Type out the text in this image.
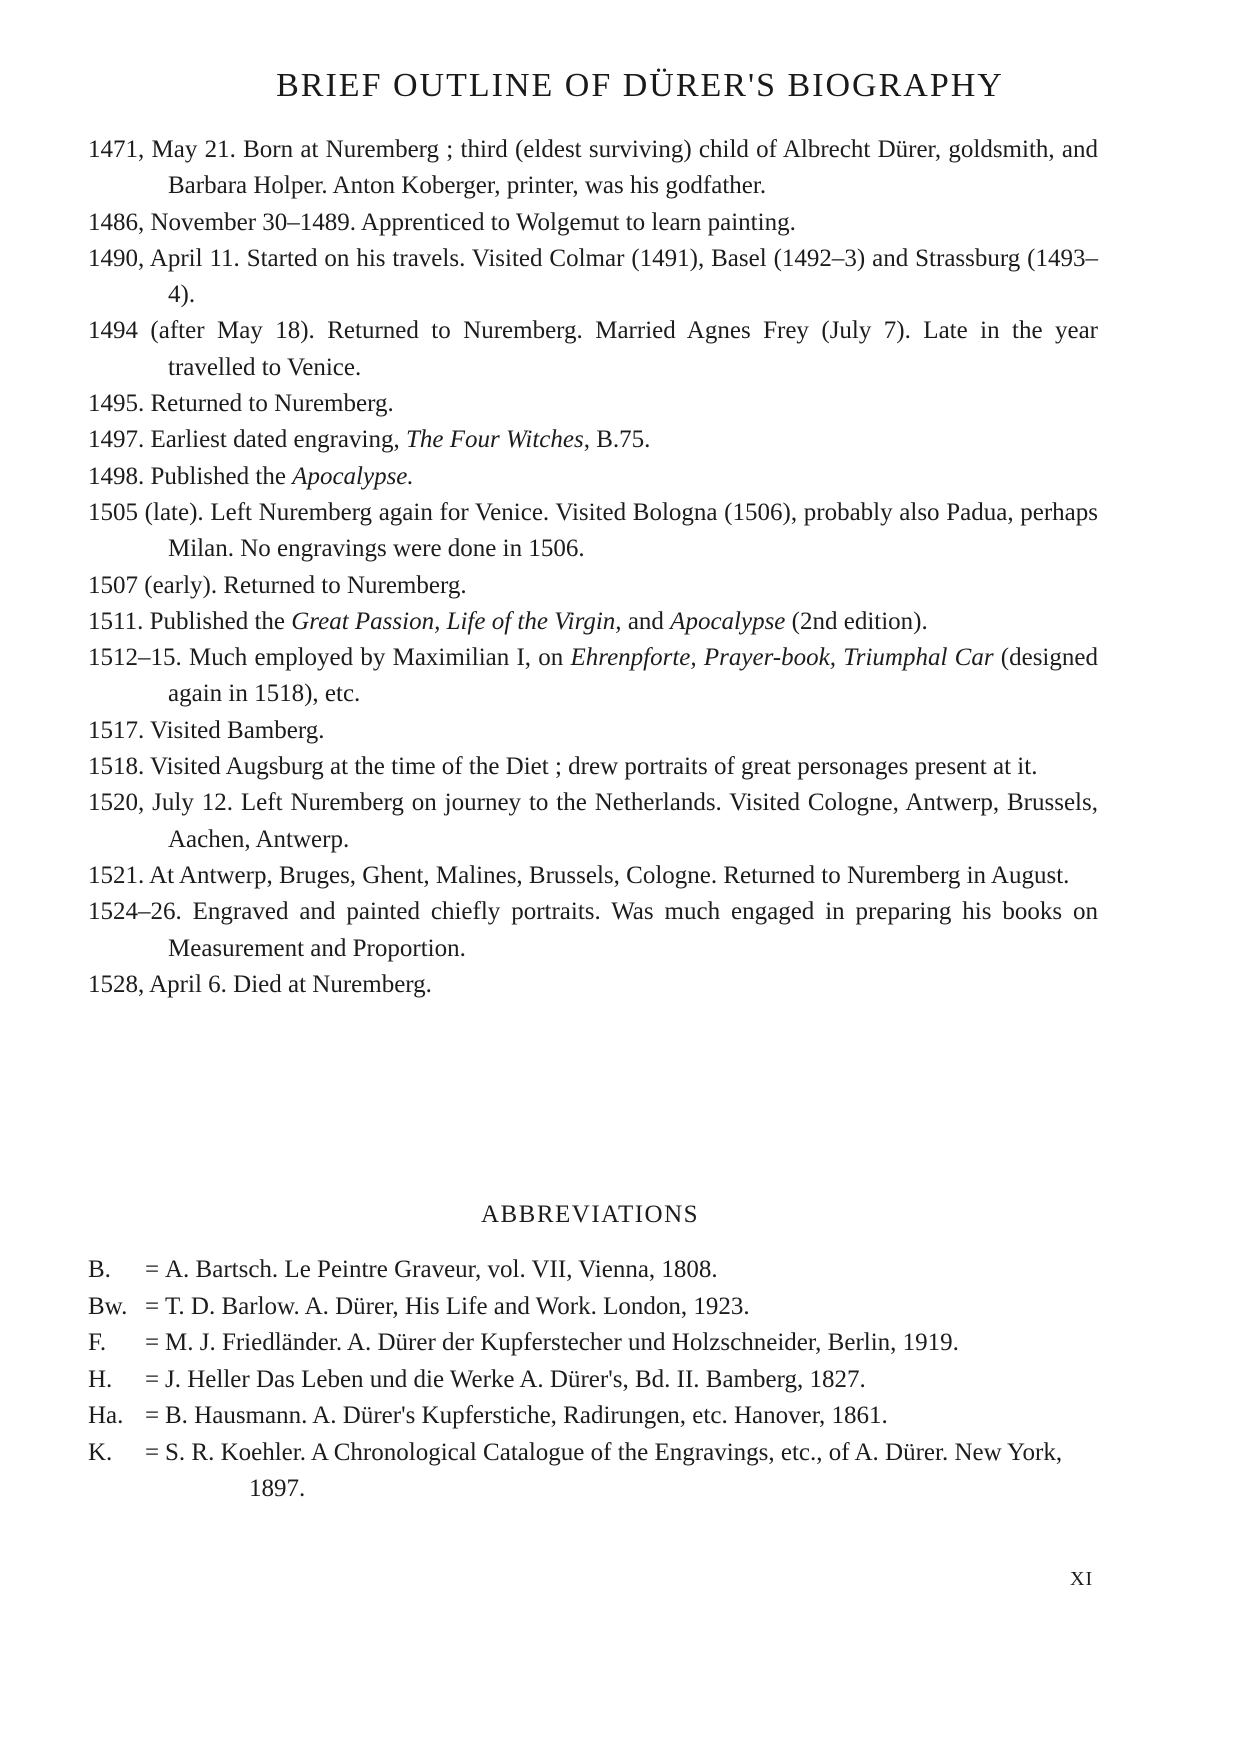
BRIEF OUTLINE OF DÜRER'S BIOGRAPHY

1471, May 21. Born at Nuremberg ; third (eldest surviving) child of Albrecht Dürer, goldsmith, and Barbara Holper. Anton Koberger, printer, was his godfather.

1486, November 30–1489. Apprenticed to Wolgemut to learn painting.

1490, April 11. Started on his travels. Visited Colmar (1491), Basel (1492–3) and Strassburg (1493–4).

1494 (after May 18). Returned to Nuremberg. Married Agnes Frey (July 7). Late in the year travelled to Venice.

1495. Returned to Nuremberg.

1497. Earliest dated engraving, The Four Witches, B.75.

1498. Published the Apocalypse.

1505 (late). Left Nuremberg again for Venice. Visited Bologna (1506), probably also Padua, perhaps Milan. No engravings were done in 1506.

1507 (early). Returned to Nuremberg.

1511. Published the Great Passion, Life of the Virgin, and Apocalypse (2nd edition).

1512–15. Much employed by Maximilian I, on Ehrenpforte, Prayer-book, Triumphal Car (designed again in 1518), etc.

1517. Visited Bamberg.

1518. Visited Augsburg at the time of the Diet ; drew portraits of great personages present at it.

1520, July 12. Left Nuremberg on journey to the Netherlands. Visited Cologne, Antwerp, Brussels, Aachen, Antwerp.

1521. At Antwerp, Bruges, Ghent, Malines, Brussels, Cologne. Returned to Nuremberg in August.

1524–26. Engraved and painted chiefly portraits. Was much engaged in preparing his books on Measurement and Proportion.

1528, April 6. Died at Nuremberg.

ABBREVIATIONS
B.	= A. Bartsch. Le Peintre Graveur, vol. VII, Vienna, 1808.
Bw. = T. D. Barlow. A. Dürer, His Life and Work. London, 1923.
F.	= M. J. Friedländer. A. Dürer der Kupferstecher und Holzschneider, Berlin, 1919.
H.	= J. Heller Das Leben und die Werke A. Dürer's, Bd. II. Bamberg, 1827.
Ha. = B. Hausmann. A. Dürer's Kupferstiche, Radirungen, etc. Hanover, 1861.
K.	= S. R. Koehler. A Chronological Catalogue of the Engravings, etc., of A. Dürer. New York, 1897.
XI
